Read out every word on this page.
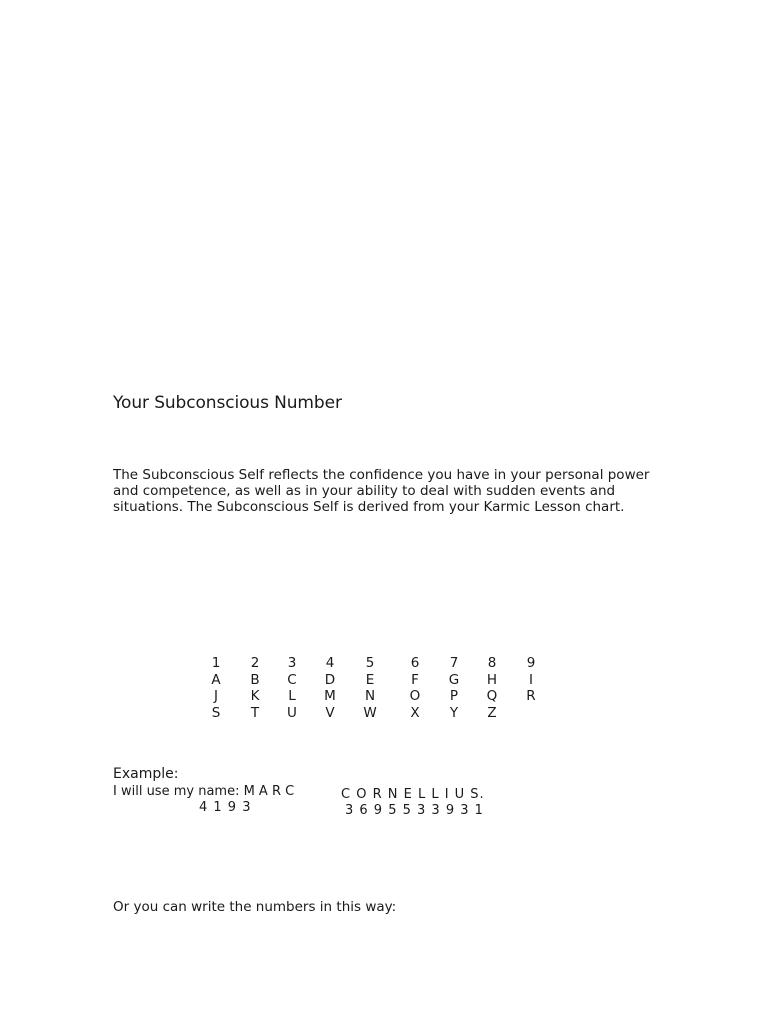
Your Subconscious Number
The Subconscious Self reflects the confidence you have in your personal power
and competence, as well as in your ability to deal with sudden events and
situations. The Subconscious Self is derived from your Karmic Lesson chart.
1
A
J
S
2
B
K
T
3
C
L
U
4
D
M
V
5
E
N
W
6
F
O
X
7
G
P
Y
8
H
Q
Z
9
I
R
Example:
I will use my name: M A R C
4 1 9 3
C O R N E L L I U S.
3 6 9 5 5 3 3 9 3 1
Or you can write the numbers in this way:
